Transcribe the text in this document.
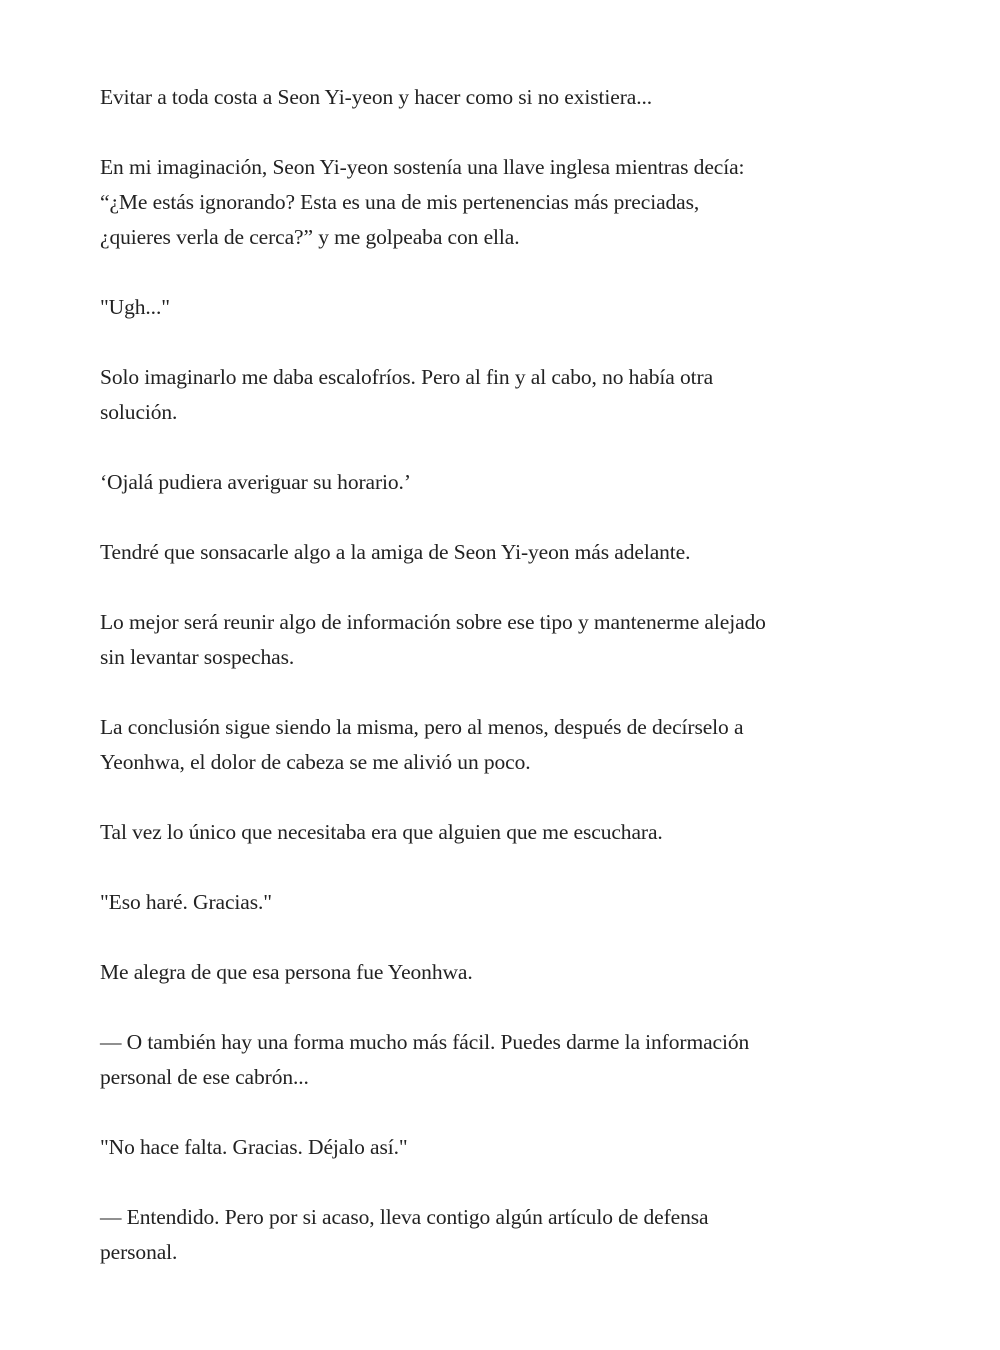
Evitar a toda costa a Seon Yi-yeon y hacer como si no existiera...

En mi imaginación, Seon Yi-yeon sostenía una llave inglesa mientras decía:
“¿Me estás ignorando? Esta es una de mis pertenencias más preciadas,
¿quieres verla de cerca?” y me golpeaba con ella.

"Ugh..."

Solo imaginarlo me daba escalofríos. Pero al fin y al cabo, no había otra
solución.

‘Ojalá pudiera averiguar su horario.’

Tendré que sonsacarle algo a la amiga de Seon Yi-yeon más adelante.

Lo mejor será reunir algo de información sobre ese tipo y mantenerme alejado
sin levantar sospechas.

La conclusión sigue siendo la misma, pero al menos, después de decírselo a
Yeonhwa, el dolor de cabeza se me alivió un poco.

Tal vez lo único que necesitaba era que alguien que me escuchara.

"Eso haré. Gracias."

Me alegra de que esa persona fue Yeonhwa.

— O también hay una forma mucho más fácil. Puedes darme la información
personal de ese cabrón...

"No hace falta. Gracias. Déjalo así."

— Entendido. Pero por si acaso, lleva contigo algún artículo de defensa
personal.
